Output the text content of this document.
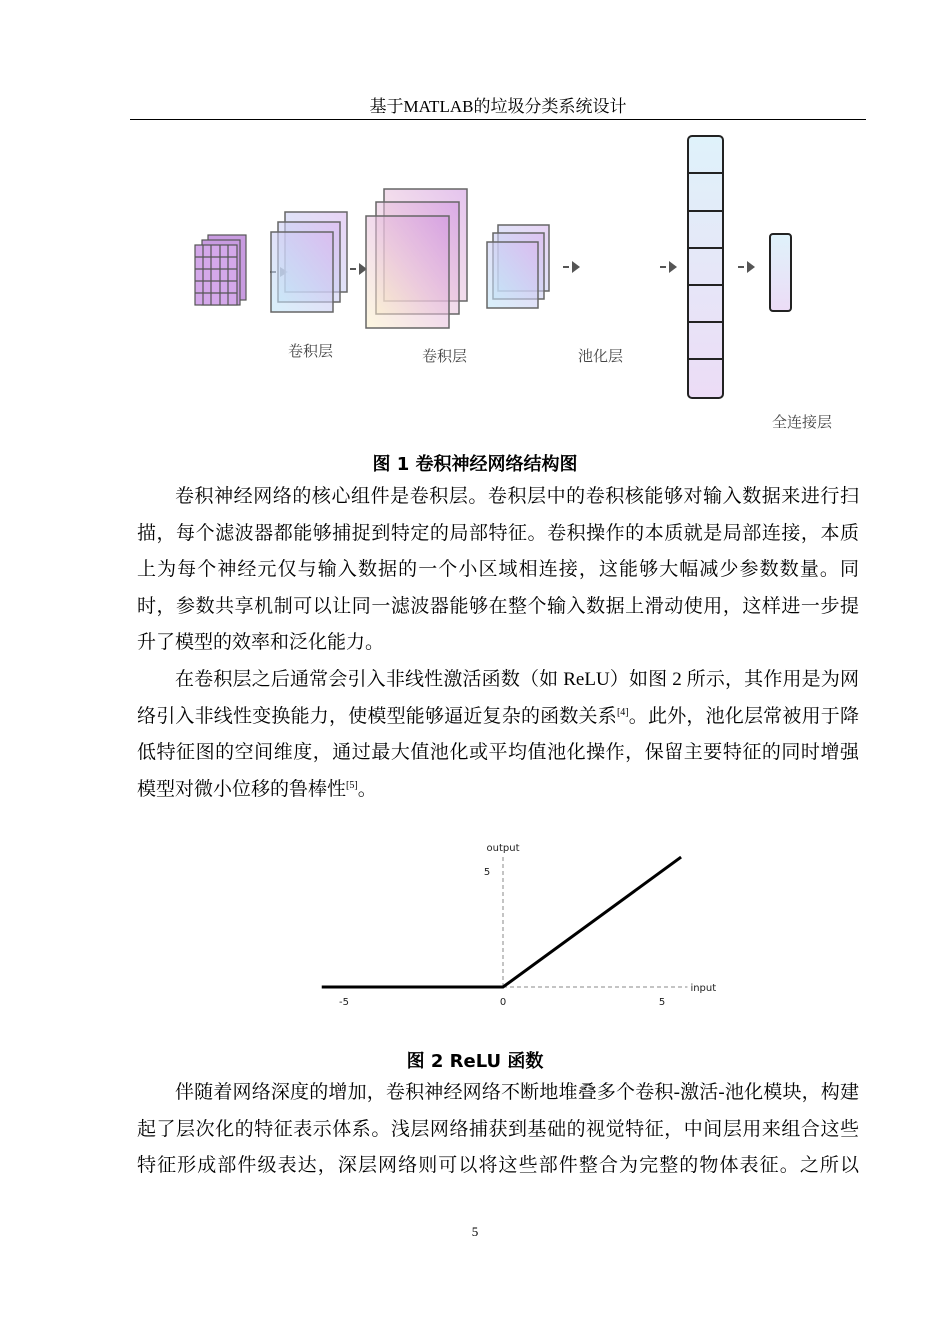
基于MATLAB的垃圾分类系统设计
卷积层	卷积层	池化层
全连接层
图 1 卷积神经网络结构图
卷积神经网络的核心组件是卷积层。卷积层中的卷积核能够对输入数据来进行扫
描，每个滤波器都能够捕捉到特定的局部特征。卷积操作的本质就是局部连接，本质
上为每个神经元仅与输入数据的一个小区域相连接，这能够大幅减少参数数量。同
时，参数共享机制可以让同一滤波器能够在整个输入数据上滑动使用，这样进一步提
升了模型的效率和泛化能力。
在卷积层之后通常会引入非线性激活函数（如 ReLU）如图 2 所示，其作用是为网
络引入非线性变换能力，使模型能够逼近复杂的函数关系[4]。此外，池化层常被用于降
低特征图的空间维度，通过最大值池化或平均值池化操作，保留主要特征的同时增强
模型对微小位移的鲁棒性[5]。
-5	0	5
5
input
output
图 2 ReLU 函数
伴随着网络深度的增加，卷积神经网络不断地堆叠多个卷积-激活-池化模块，构建
起了层次化的特征表示体系。浅层网络捕获到基础的视觉特征，中间层用来组合这些
特征形成部件级表达，深层网络则可以将这些部件整合为完整的物体表征。之所以
5
